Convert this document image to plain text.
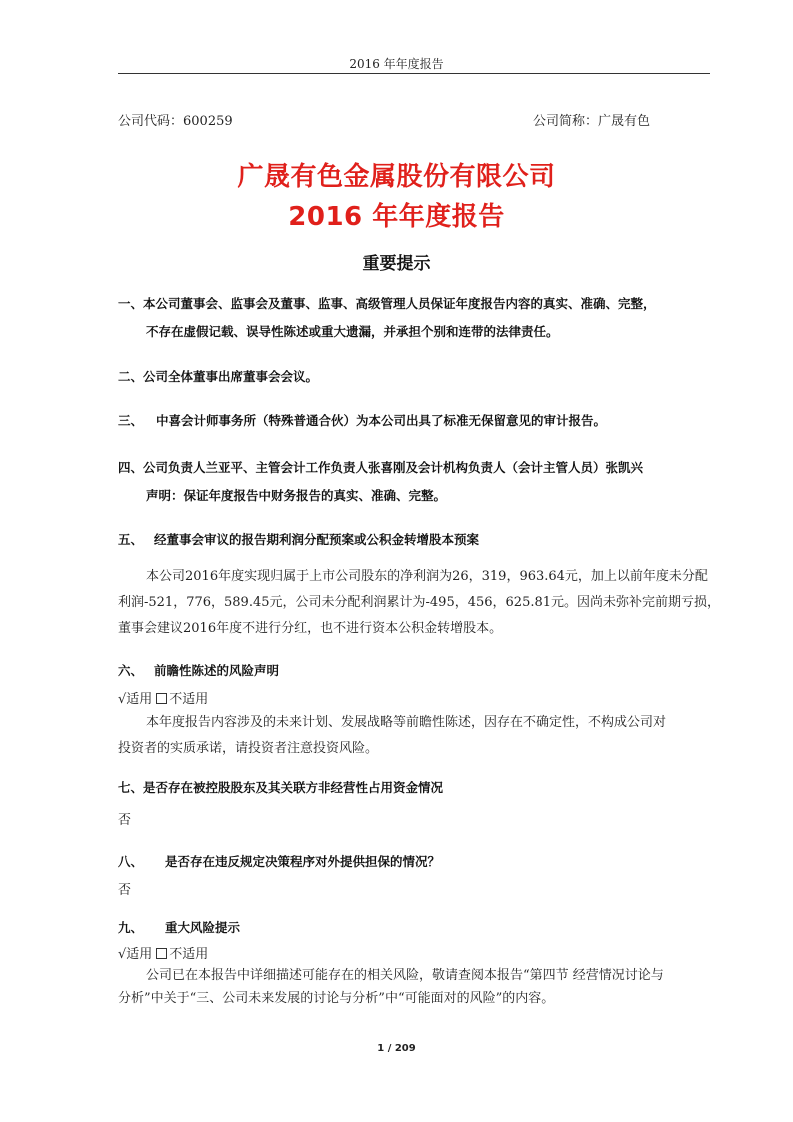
2016 年年度报告
公司代码：600259	公司简称：广晟有色
广晟有色金属股份有限公司
2016 年年度报告
重要提示
一、本公司董事会、监事会及董事、监事、高级管理人员保证年度报告内容的真实、准确、完整，
不存在虚假记载、误导性陈述或重大遗漏，并承担个别和连带的法律责任。
二、公司全体董事出席董事会会议。
三、 中喜会计师事务所（特殊普通合伙）为本公司出具了标准无保留意见的审计报告。
四、公司负责人兰亚平、主管会计工作负责人张喜刚及会计机构负责人（会计主管人员）张凯兴
声明：保证年度报告中财务报告的真实、准确、完整。
五、 经董事会审议的报告期利润分配预案或公积金转增股本预案
本公司2016年度实现归属于上市公司股东的净利润为26，319，963.64元，加上以前年度未分配
利润-521，776，589.45元，公司未分配利润累计为-495，456，625.81元。因尚未弥补完前期亏损，
董事会建议2016年度不进行分红，也不进行资本公积金转增股本。
六、 前瞻性陈述的风险声明
√适用 不适用
本年度报告内容涉及的未来计划、发展战略等前瞻性陈述，因存在不确定性，不构成公司对
投资者的实质承诺，请投资者注意投资风险。
七、是否存在被控股股东及其关联方非经营性占用资金情况
否
八、 是否存在违反规定决策程序对外提供担保的情况？
否
九、 重大风险提示
√适用 不适用
公司已在本报告中详细描述可能存在的相关风险，敬请查阅本报告“第四节 经营情况讨论与
分析”中关于“三、公司未来发展的讨论与分析”中“可能面对的风险”的内容。
1 / 209
